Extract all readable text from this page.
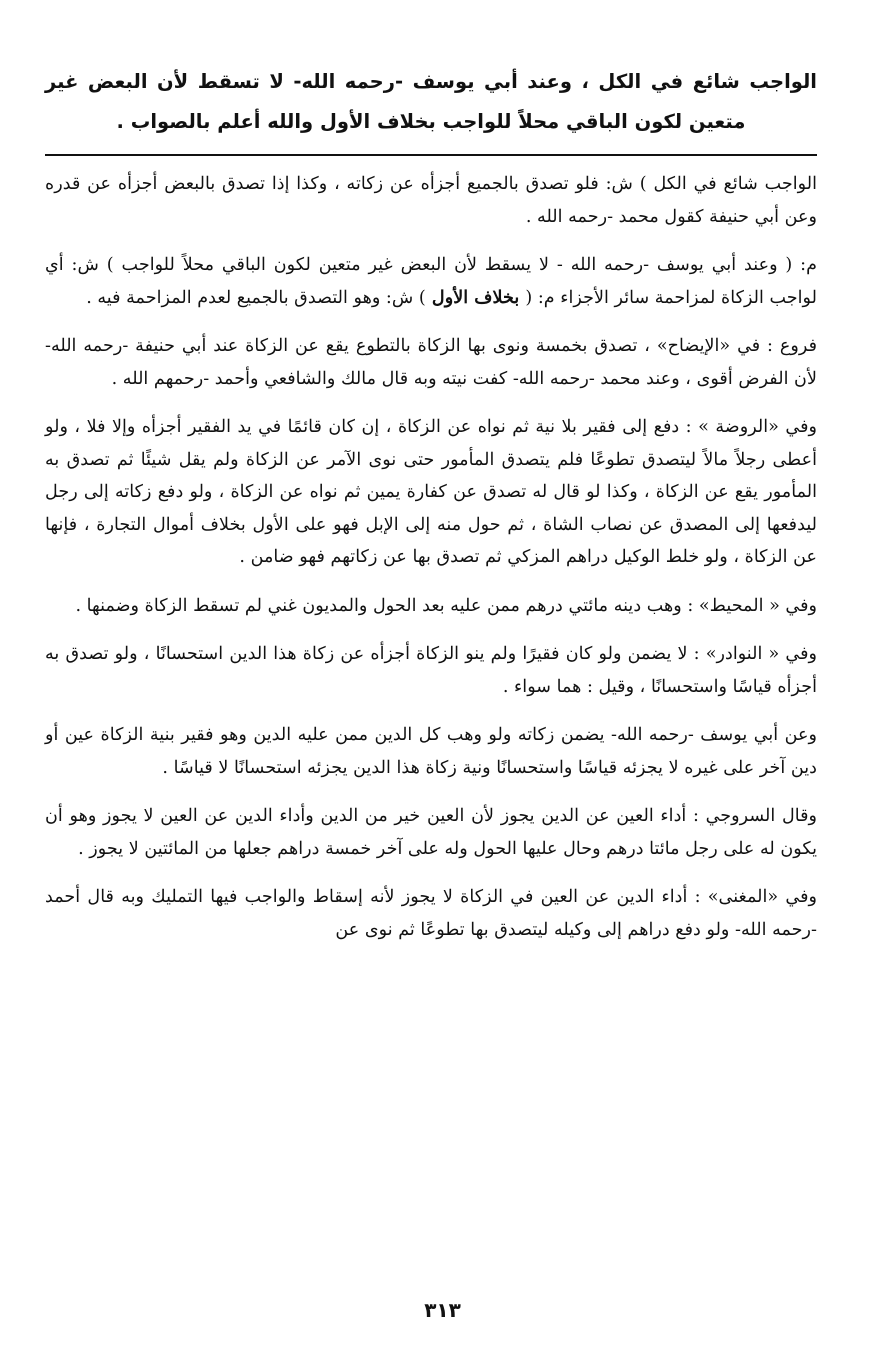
الواجب شائع في الكل ، وعند أبي يوسف -رحمه الله- لا تسقط لأن البعض غير متعين لكون الباقي محلاً للواجب بخلاف الأول والله أعلم بالصواب .

الواجب شائع في الكل ) ش: فلو تصدق بالجميع أجزأه عن زكاته ، وكذا إذا تصدق بالبعض أجزأه عن قدره وعن أبي حنيفة كقول محمد -رحمه الله .

م: ( وعند أبي يوسف -رحمه الله - لا يسقط لأن البعض غير متعين لكون الباقي محلاً للواجب ) ش: أي لواجب الزكاة لمزاحمة سائر الأجزاء م: ( بخلاف الأول ) ش: وهو التصدق بالجميع لعدم المزاحمة فيه .

فروع : في «الإيضاح» ، تصدق بخمسة ونوى بها الزكاة بالتطوع يقع عن الزكاة عند أبي حنيفة -رحمه الله- لأن الفرض أقوى ، وعند محمد -رحمه الله- كفت نيته وبه قال مالك والشافعي وأحمد -رحمهم الله .

وفي «الروضة » : دفع إلى فقير بلا نية ثم نواه عن الزكاة ، إن كان قائمًا في يد الفقير أجزأه وإلا فلا ، ولو أعطى رجلاً مالاً ليتصدق تطوعًا فلم يتصدق المأمور حتى نوى الآمر عن الزكاة ولم يقل شيئًا ثم تصدق به المأمور يقع عن الزكاة ، وكذا لو قال له تصدق عن كفارة يمين ثم نواه عن الزكاة ، ولو دفع زكاته إلى رجل ليدفعها إلى المصدق عن نصاب الشاة ، ثم حول منه إلى الإبل فهو على الأول بخلاف أموال التجارة ، فإنها عن الزكاة ، ولو خلط الوكيل دراهم المزكي ثم تصدق بها عن زكاتهم فهو ضامن .

وفي « المحيط» : وهب دينه مائتي درهم ممن عليه بعد الحول والمديون غني لم تسقط الزكاة وضمنها .

وفي « النوادر» : لا يضمن ولو كان فقيرًا ولم ينو الزكاة أجزأه عن زكاة هذا الدين استحسانًا ، ولو تصدق به أجزأه قياسًا واستحسانًا ، وقيل : هما سواء .

وعن أبي يوسف -رحمه الله- يضمن زكاته ولو وهب كل الدين ممن عليه الدين وهو فقير بنية الزكاة عين أو دين آخر على غيره لا يجزئه قياسًا واستحسانًا ونية زكاة هذا الدين يجزئه استحسانًا لا قياسًا .

وقال السروجي : أداء العين عن الدين يجوز لأن العين خير من الدين وأداء الدين عن العين لا يجوز وهو أن يكون له على رجل مائتا درهم وحال عليها الحول وله على آخر خمسة دراهم جعلها من المائتين لا يجوز .

وفي «المغنى» : أداء الدين عن العين في الزكاة لا يجوز لأنه إسقاط والواجب فيها التمليك وبه قال أحمد -رحمه الله- ولو دفع دراهم إلى وكيله ليتصدق بها تطوعًا ثم نوى عن

٣١٣
